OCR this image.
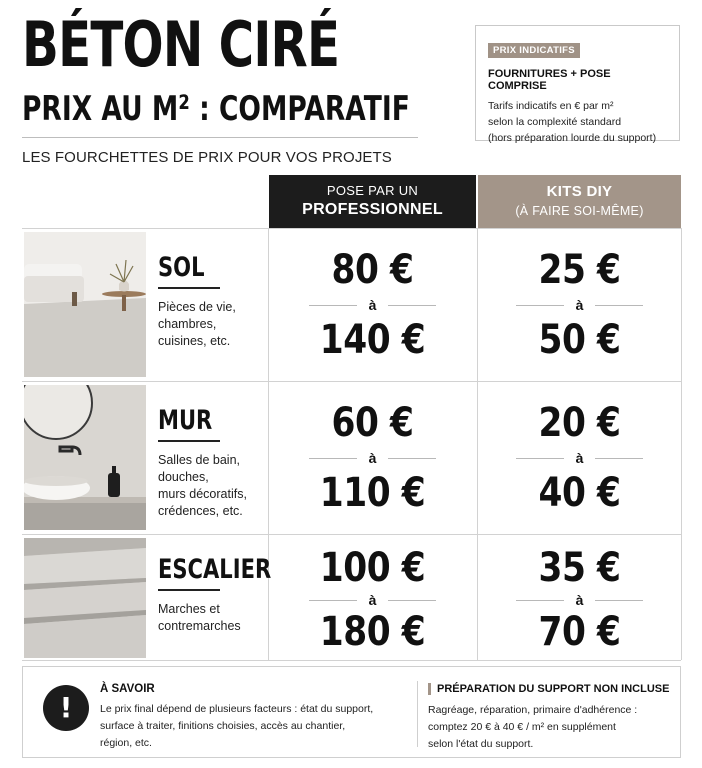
BÉTON CIRÉ
PRIX AU M² : COMPARATIF
LES FOURCHETTES DE PRIX POUR VOS PROJETS
PRIX INDICATIFS
FOURNITURES + POSE COMPRISE
Tarifs indicatifs en € par m²
selon la complexité standard
(hors préparation lourde du support)
POSE PAR UN
PROFESSIONNEL
KITS DIY
(À FAIRE SOI-MÊME)
SOL
Pièces de vie,
chambres,
cuisines, etc.
80 €
à
140 €
25 €
à
50 €
MUR
Salles de bain,
douches,
murs décoratifs,
crédences, etc.
60 €
à
110 €
20 €
à
40 €
ESCALIER
Marches et
contremarches
100 €
à
180 €
35 €
à
70 €
!
À SAVOIR
Le prix final dépend de plusieurs facteurs : état du support,
surface à traiter, finitions choisies, accès au chantier,
région, etc.
PRÉPARATION DU SUPPORT NON INCLUSE
Ragréage, réparation, primaire d'adhérence :
comptez 20 € à 40 € / m² en supplément
selon l'état du support.
